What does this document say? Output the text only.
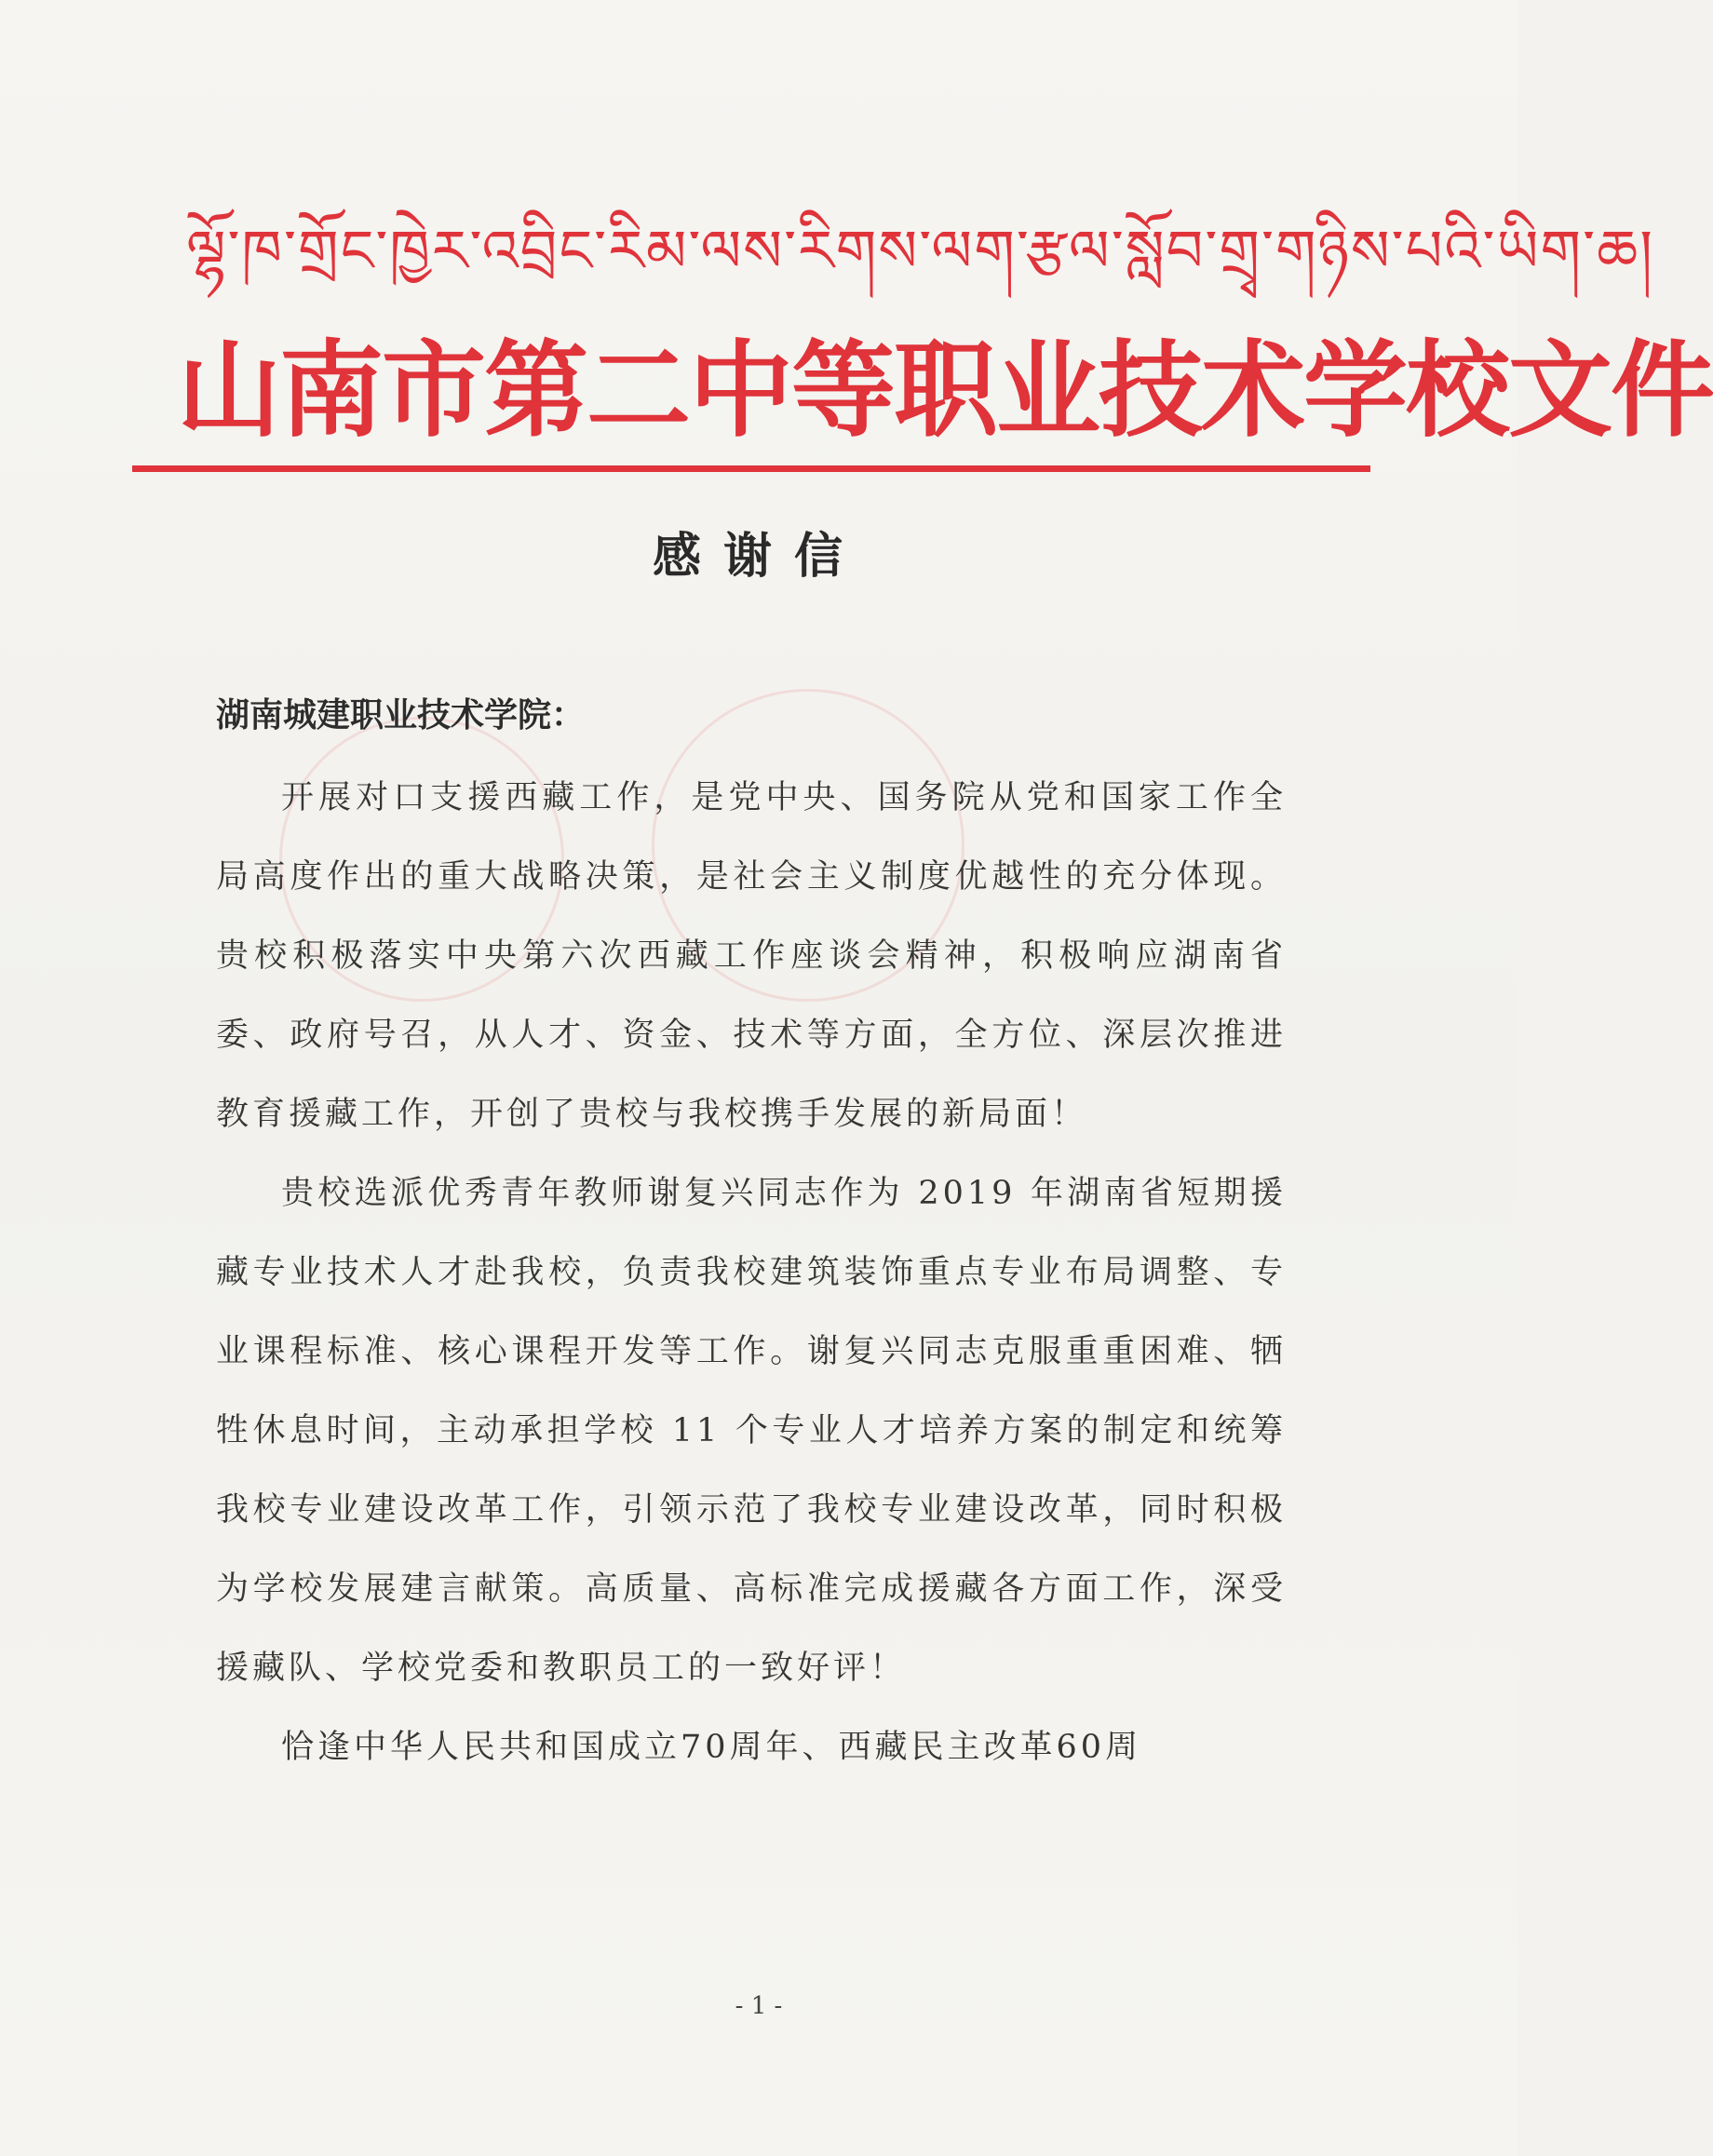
ལྷོ་ཁ་གྲོང་ཁྱེར་འབྲིང་རིམ་ལས་རིགས་ལག་རྩལ་སློབ་གྲྭ་གཉིས་པའི་ཡིག་ཆ།
山南市第二中等职业技术学校文件
感谢信
湖南城建职业技术学院：

开展对口支援西藏工作，是党中央、国务院从党和国家工作全局高度作出的重大战略决策，是社会主义制度优越性的充分体现。贵校积极落实中央第六次西藏工作座谈会精神，积极响应湖南省委、政府号召，从人才、资金、技术等方面，全方位、深层次推进教育援藏工作，开创了贵校与我校携手发展的新局面！

贵校选派优秀青年教师谢复兴同志作为 2019 年湖南省短期援藏专业技术人才赴我校，负责我校建筑装饰重点专业布局调整、专业课程标准、核心课程开发等工作。谢复兴同志克服重重困难、牺牲休息时间，主动承担学校 11 个专业人才培养方案的制定和统筹我校专业建设改革工作，引领示范了我校专业建设改革，同时积极为学校发展建言献策。高质量、高标准完成援藏各方面工作，深受援藏队、学校党委和教职员工的一致好评！

恰逢中华人民共和国成立70周年、西藏民主改革60周

- 1 -
